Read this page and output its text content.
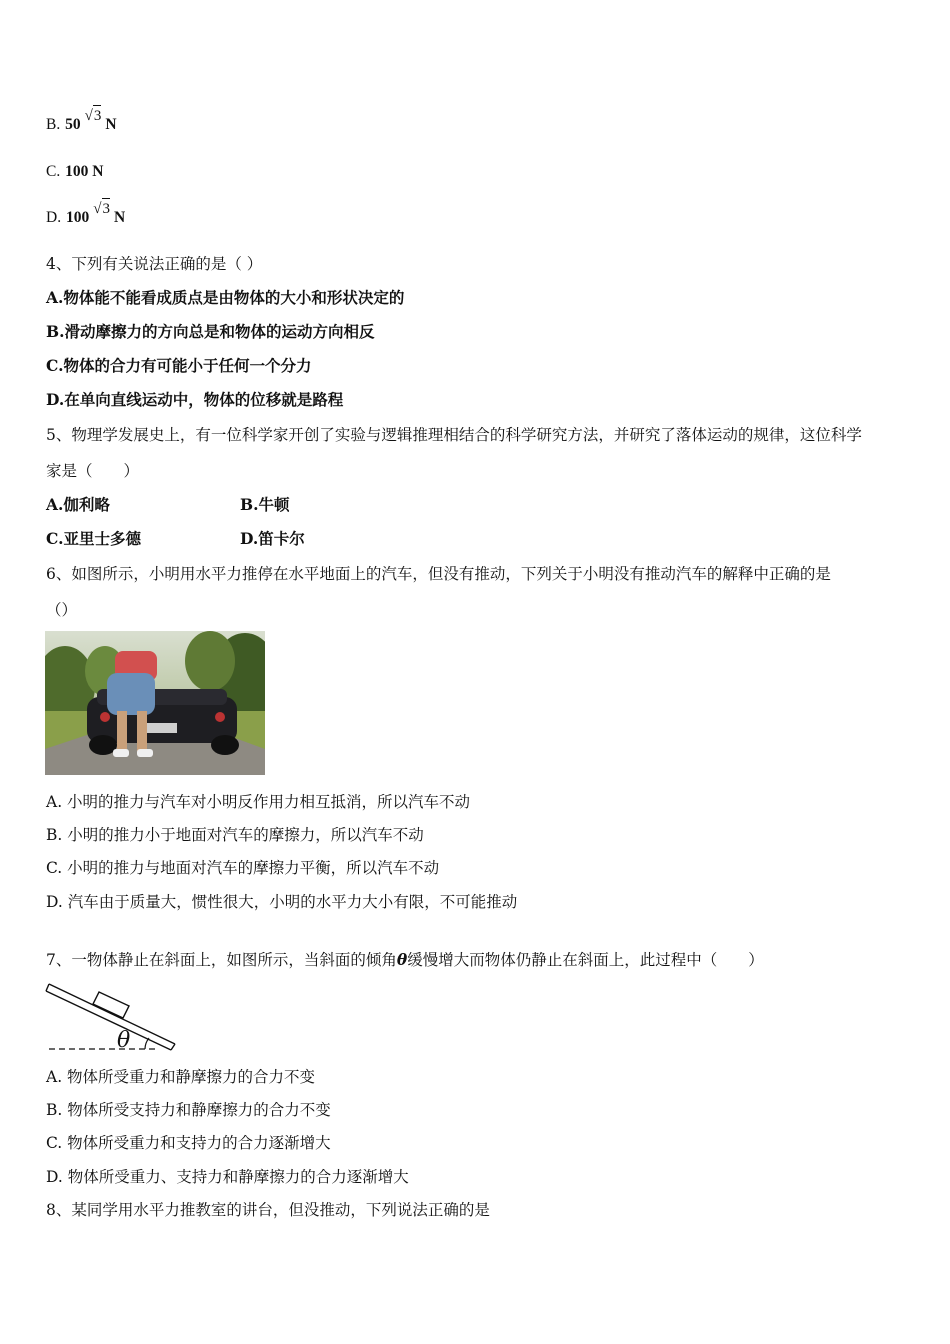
B. 50 √3 N
C. 100 N
D. 100 √3 N
4、下列有关说法正确的是（ ）
A.物体能不能看成质点是由物体的大小和形状决定的
B.滑动摩擦力的方向总是和物体的运动方向相反
C.物体的合力有可能小于任何一个分力
D.在单向直线运动中，物体的位移就是路程
5、物理学发展史上，有一位科学家开创了实验与逻辑推理相结合的科学研究方法，并研究了落体运动的规律，这位科学
家是（　　）
A.伽利略	B.牛顿
C.亚里士多德	D.笛卡尔
6、如图所示，小明用水平力推停在水平地面上的汽车，但没有推动，下列关于小明没有推动汽车的解释中正确的是
（）
A. 小明的推力与汽车对小明反作用力相互抵消，所以汽车不动
B. 小明的推力小于地面对汽车的摩擦力，所以汽车不动
C. 小明的推力与地面对汽车的摩擦力平衡，所以汽车不动
D. 汽车由于质量大，惯性很大，小明的水平力大小有限，不可能推动
7、一物体静止在斜面上，如图所示，当斜面的倾角θ缓慢增大而物体仍静止在斜面上，此过程中（　　）
θ
A. 物体所受重力和静摩擦力的合力不变
B. 物体所受支持力和静摩擦力的合力不变
C. 物体所受重力和支持力的合力逐渐增大
D. 物体所受重力、支持力和静摩擦力的合力逐渐增大
8、某同学用水平力推教室的讲台，但没推动，下列说法正确的是
